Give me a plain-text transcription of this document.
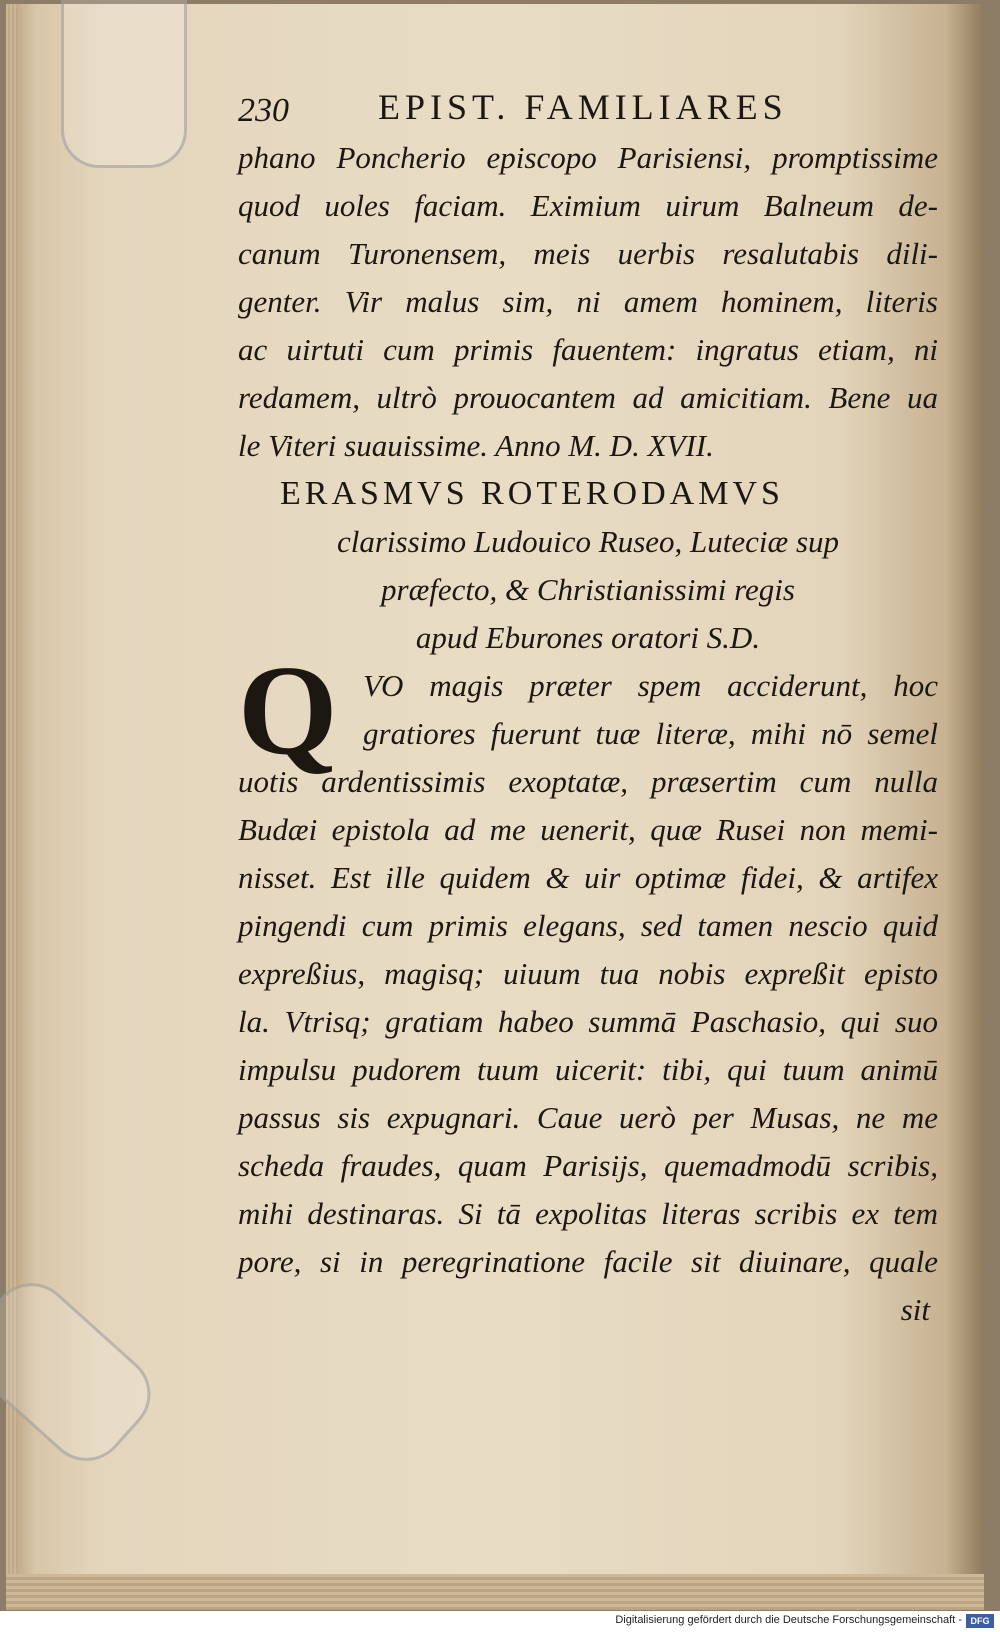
230 EPIST. FAMILIARES
phano Poncherio episcopo Parisiensi, promptissime
quod uoles faciam. Eximium uirum Balneum de-
canum Turonensem, meis uerbis resalutabis dili-
genter. Vir malus sim, ni amem hominem, literis
ac uirtuti cum primis fauentem: ingratus etiam, ni
redamem, ultrò prouocantem ad amicitiam. Bene ua
le Viteri suauissime. Anno M. D. XVII.
ERASMVS ROTERODAMVS
clarissimo Ludouico Ruseo, Luteciæ sup
præfecto, & Christianissimi regis
apud Eburones oratori S.D.
Q VO magis præter spem acciderunt, hoc
gratiores fuerunt tuæ literæ, mihi nō semel
uotis ardentissimis exoptatæ, præsertim cum nulla
Budæi epistola ad me uenerit, quæ Rusei non memi-
nisset. Est ille quidem & uir optimæ fidei, & artifex
pingendi cum primis elegans, sed tamen nescio quid
expreßius, magisq; uiuum tua nobis expreßit episto
la. Vtrisq; gratiam habeo summā Paschasio, qui suo
impulsu pudorem tuum uicerit: tibi, qui tuum animū
passus sis expugnari. Caue uerò per Musas, ne me
scheda fraudes, quam Parisijs, quemadmodū scribis,
mihi destinaras. Si tā expolitas literas scribis ex tem
pore, si in peregrinatione facile sit diuinare, quale
sit
Digitalisierung gefördert durch die Deutsche Forschungsgemeinschaft - DFG
